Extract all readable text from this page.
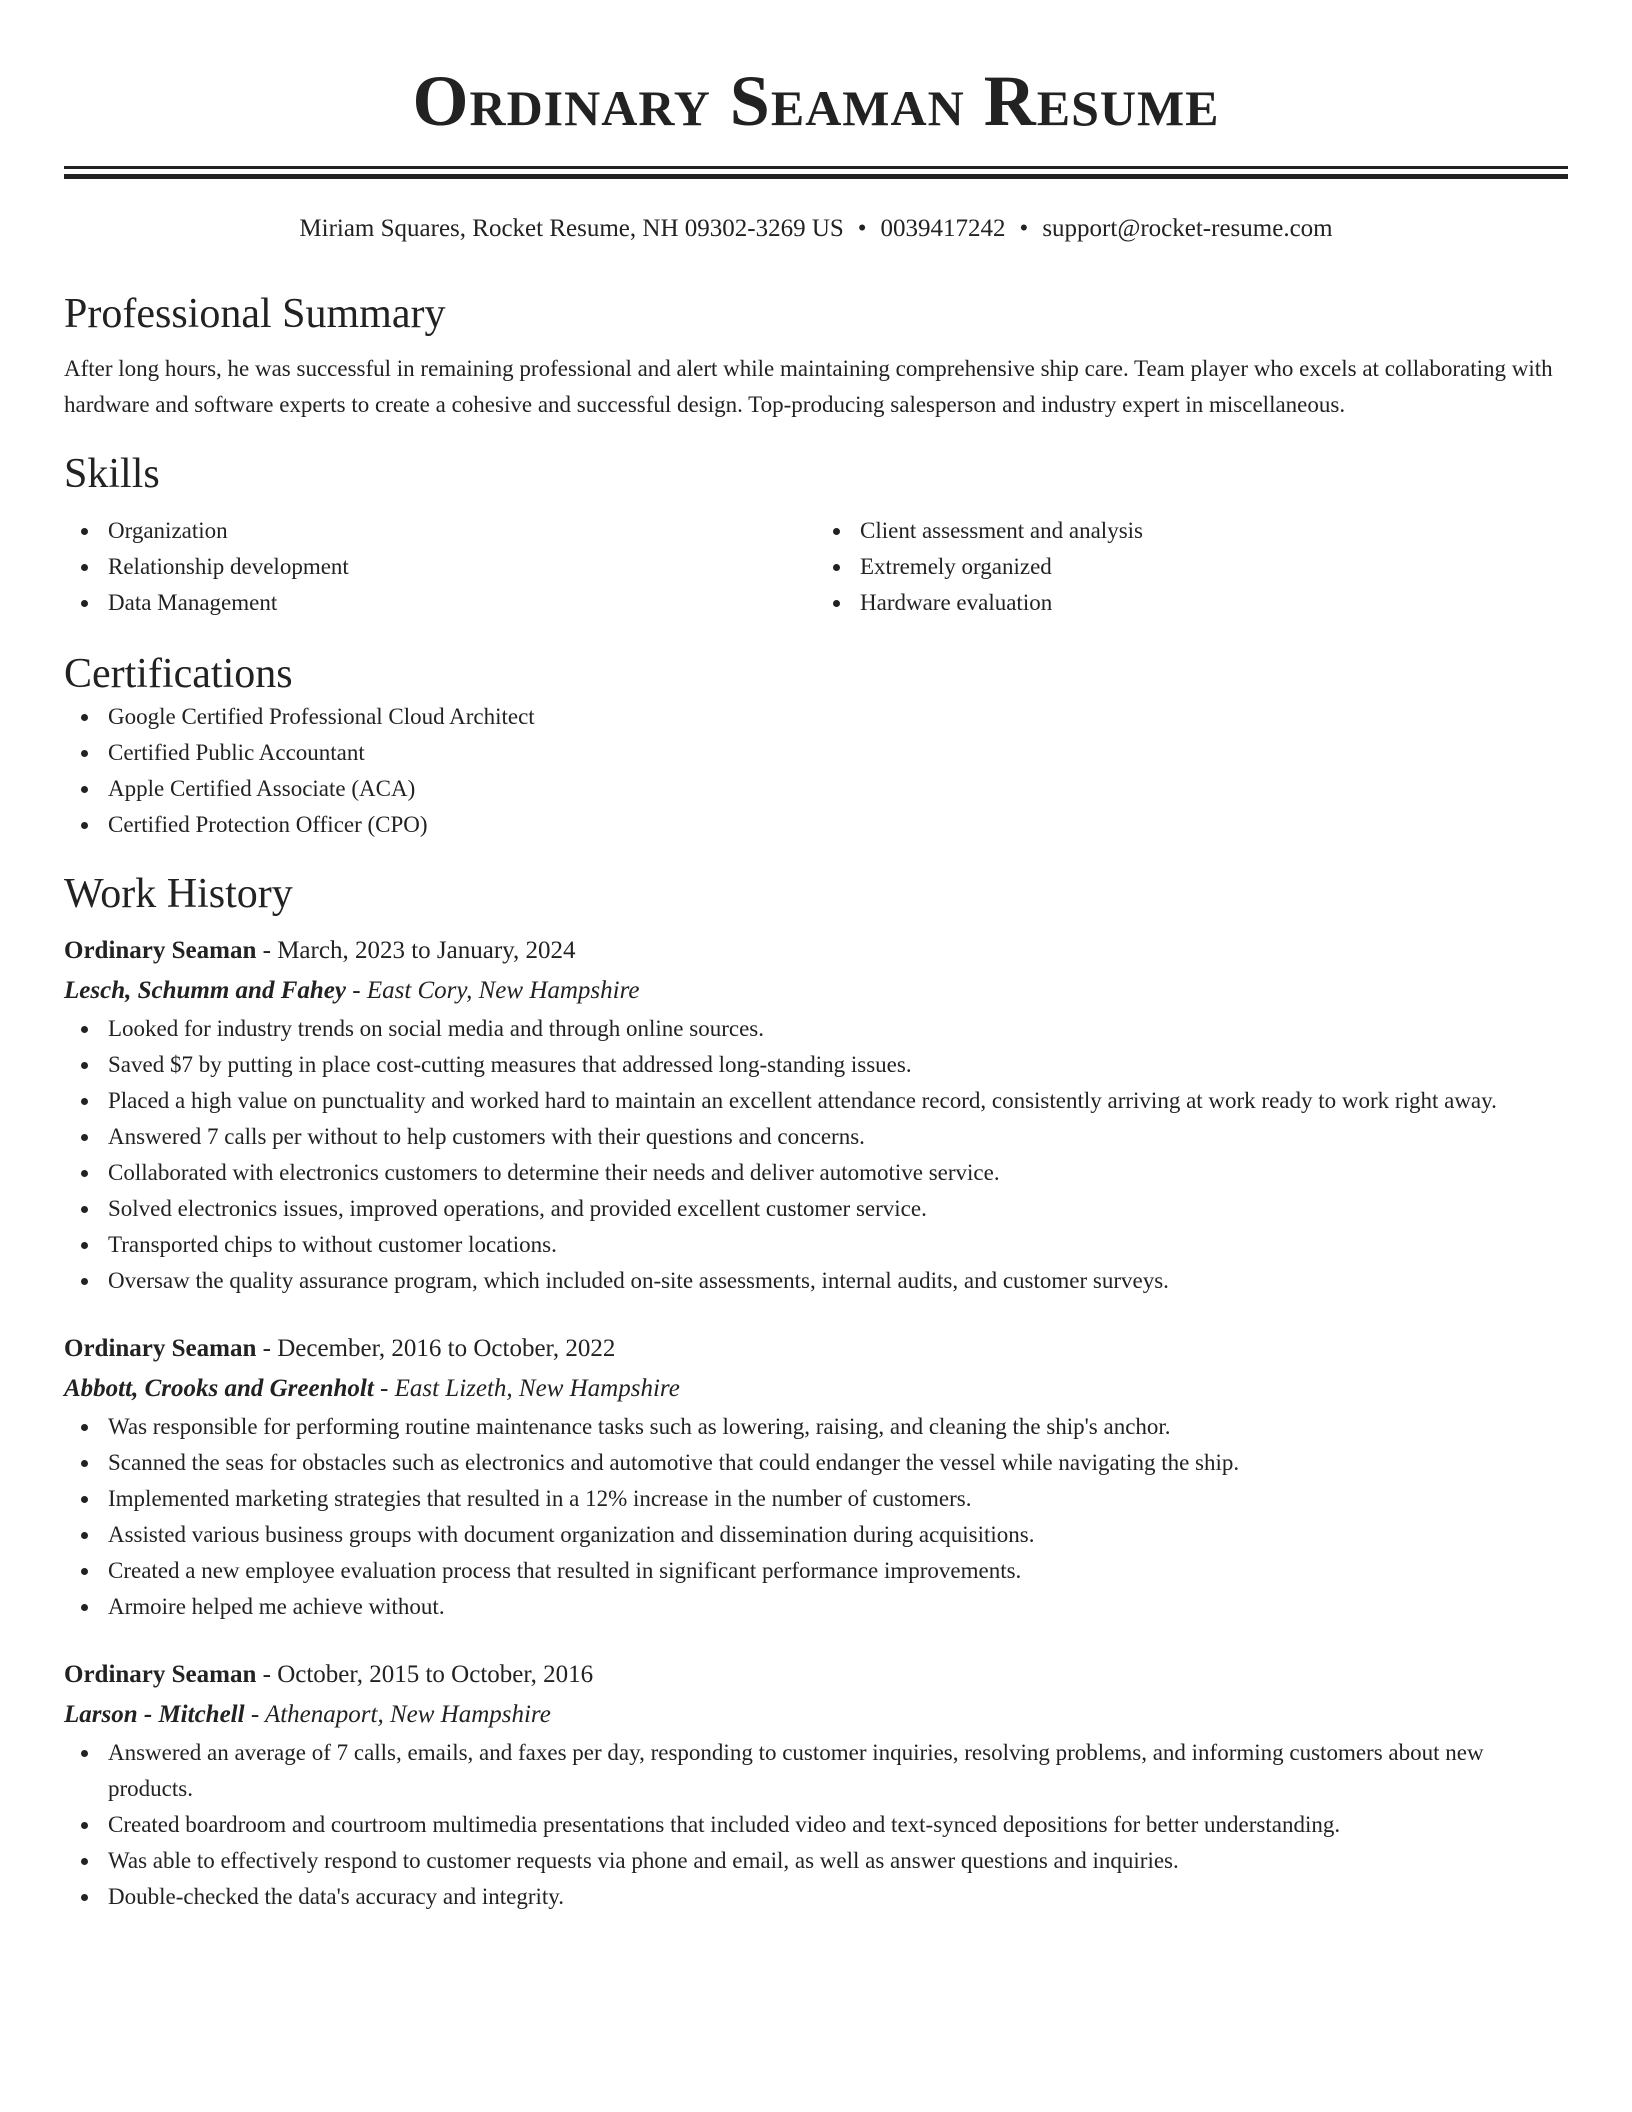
Ordinary Seaman Resume
Miriam Squares, Rocket Resume, NH 09302-3269 US • 0039417242 • support@rocket-resume.com
Professional Summary
After long hours, he was successful in remaining professional and alert while maintaining comprehensive ship care. Team player who excels at collaborating with hardware and software experts to create a cohesive and successful design. Top-producing salesperson and industry expert in miscellaneous.
Skills
Organization
Relationship development
Data Management
Client assessment and analysis
Extremely organized
Hardware evaluation
Certifications
Google Certified Professional Cloud Architect
Certified Public Accountant
Apple Certified Associate (ACA)
Certified Protection Officer (CPO)
Work History
Ordinary Seaman - March, 2023 to January, 2024
Lesch, Schumm and Fahey - East Cory, New Hampshire
Looked for industry trends on social media and through online sources.
Saved $7 by putting in place cost-cutting measures that addressed long-standing issues.
Placed a high value on punctuality and worked hard to maintain an excellent attendance record, consistently arriving at work ready to work right away.
Answered 7 calls per without to help customers with their questions and concerns.
Collaborated with electronics customers to determine their needs and deliver automotive service.
Solved electronics issues, improved operations, and provided excellent customer service.
Transported chips to without customer locations.
Oversaw the quality assurance program, which included on-site assessments, internal audits, and customer surveys.
Ordinary Seaman - December, 2016 to October, 2022
Abbott, Crooks and Greenholt - East Lizeth, New Hampshire
Was responsible for performing routine maintenance tasks such as lowering, raising, and cleaning the ship's anchor.
Scanned the seas for obstacles such as electronics and automotive that could endanger the vessel while navigating the ship.
Implemented marketing strategies that resulted in a 12% increase in the number of customers.
Assisted various business groups with document organization and dissemination during acquisitions.
Created a new employee evaluation process that resulted in significant performance improvements.
Armoire helped me achieve without.
Ordinary Seaman - October, 2015 to October, 2016
Larson - Mitchell - Athenaport, New Hampshire
Answered an average of 7 calls, emails, and faxes per day, responding to customer inquiries, resolving problems, and informing customers about new products.
Created boardroom and courtroom multimedia presentations that included video and text-synced depositions for better understanding.
Was able to effectively respond to customer requests via phone and email, as well as answer questions and inquiries.
Double-checked the data's accuracy and integrity.
